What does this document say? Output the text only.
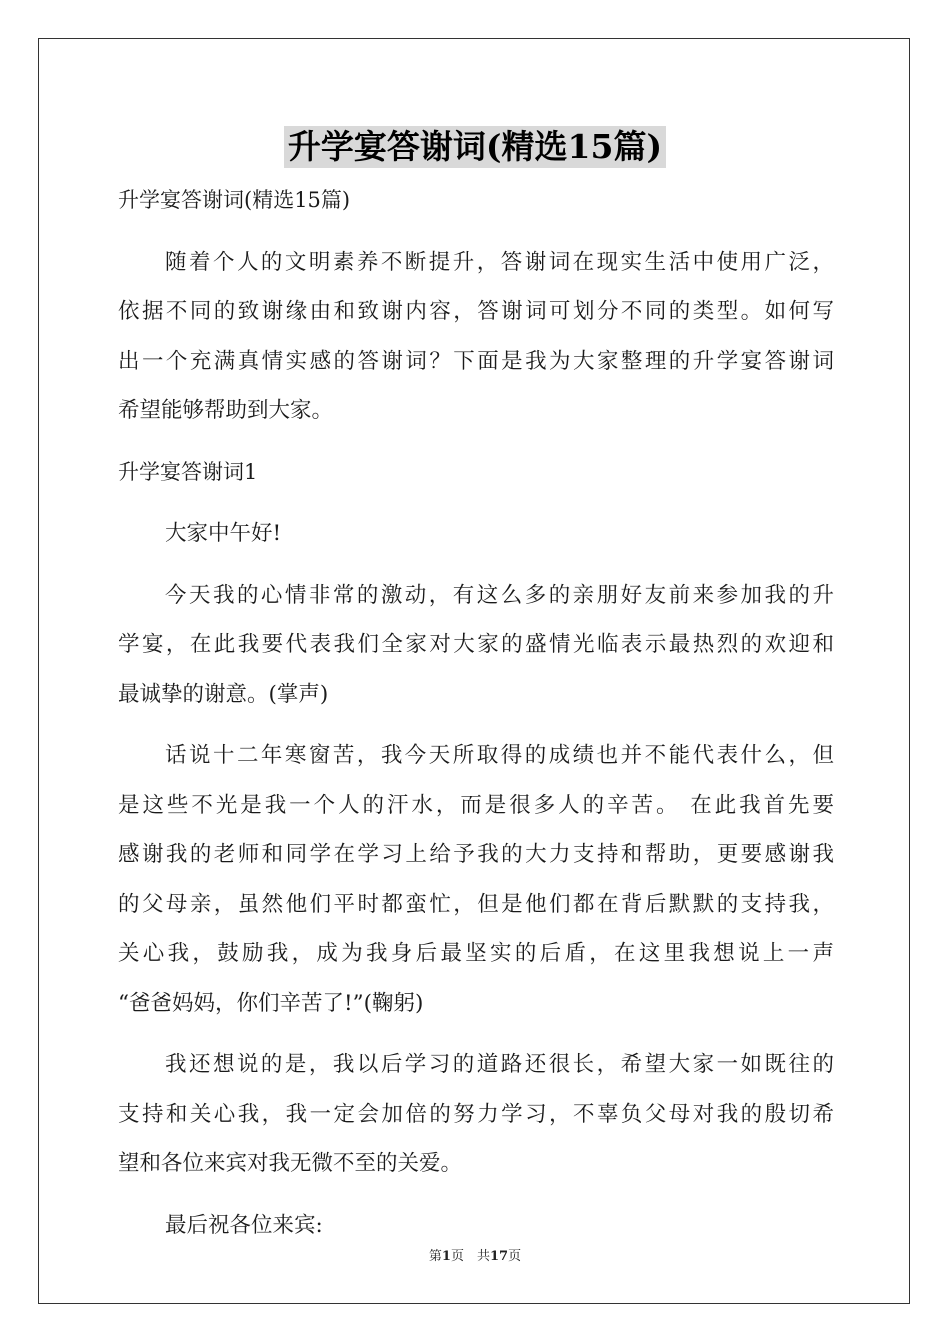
升学宴答谢词(精选15篇)
升学宴答谢词(精选15篇)
随着个人的文明素养不断提升，答谢词在现实生活中使用广泛，
依据不同的致谢缘由和致谢内容，答谢词可划分不同的类型。如何写
出一个充满真情实感的答谢词？下面是我为大家整理的升学宴答谢词
希望能够帮助到大家。
升学宴答谢词1
大家中午好!
今天我的心情非常的激动，有这么多的亲朋好友前来参加我的升
学宴，在此我要代表我们全家对大家的盛情光临表示最热烈的欢迎和
最诚挚的谢意。(掌声)
话说十二年寒窗苦，我今天所取得的成绩也并不能代表什么，但
是这些不光是我一个人的汗水，而是很多人的辛苦。 在此我首先要
感谢我的老师和同学在学习上给予我的大力支持和帮助，更要感谢我
的父母亲，虽然他们平时都蛮忙，但是他们都在背后默默的支持我，
关心我，鼓励我，成为我身后最坚实的后盾，在这里我想说上一声
“爸爸妈妈，你们辛苦了!”(鞠躬)
我还想说的是，我以后学习的道路还很长，希望大家一如既往的
支持和关心我，我一定会加倍的努力学习，不辜负父母对我的殷切希
望和各位来宾对我无微不至的关爱。
最后祝各位来宾:
第1页　共17页
